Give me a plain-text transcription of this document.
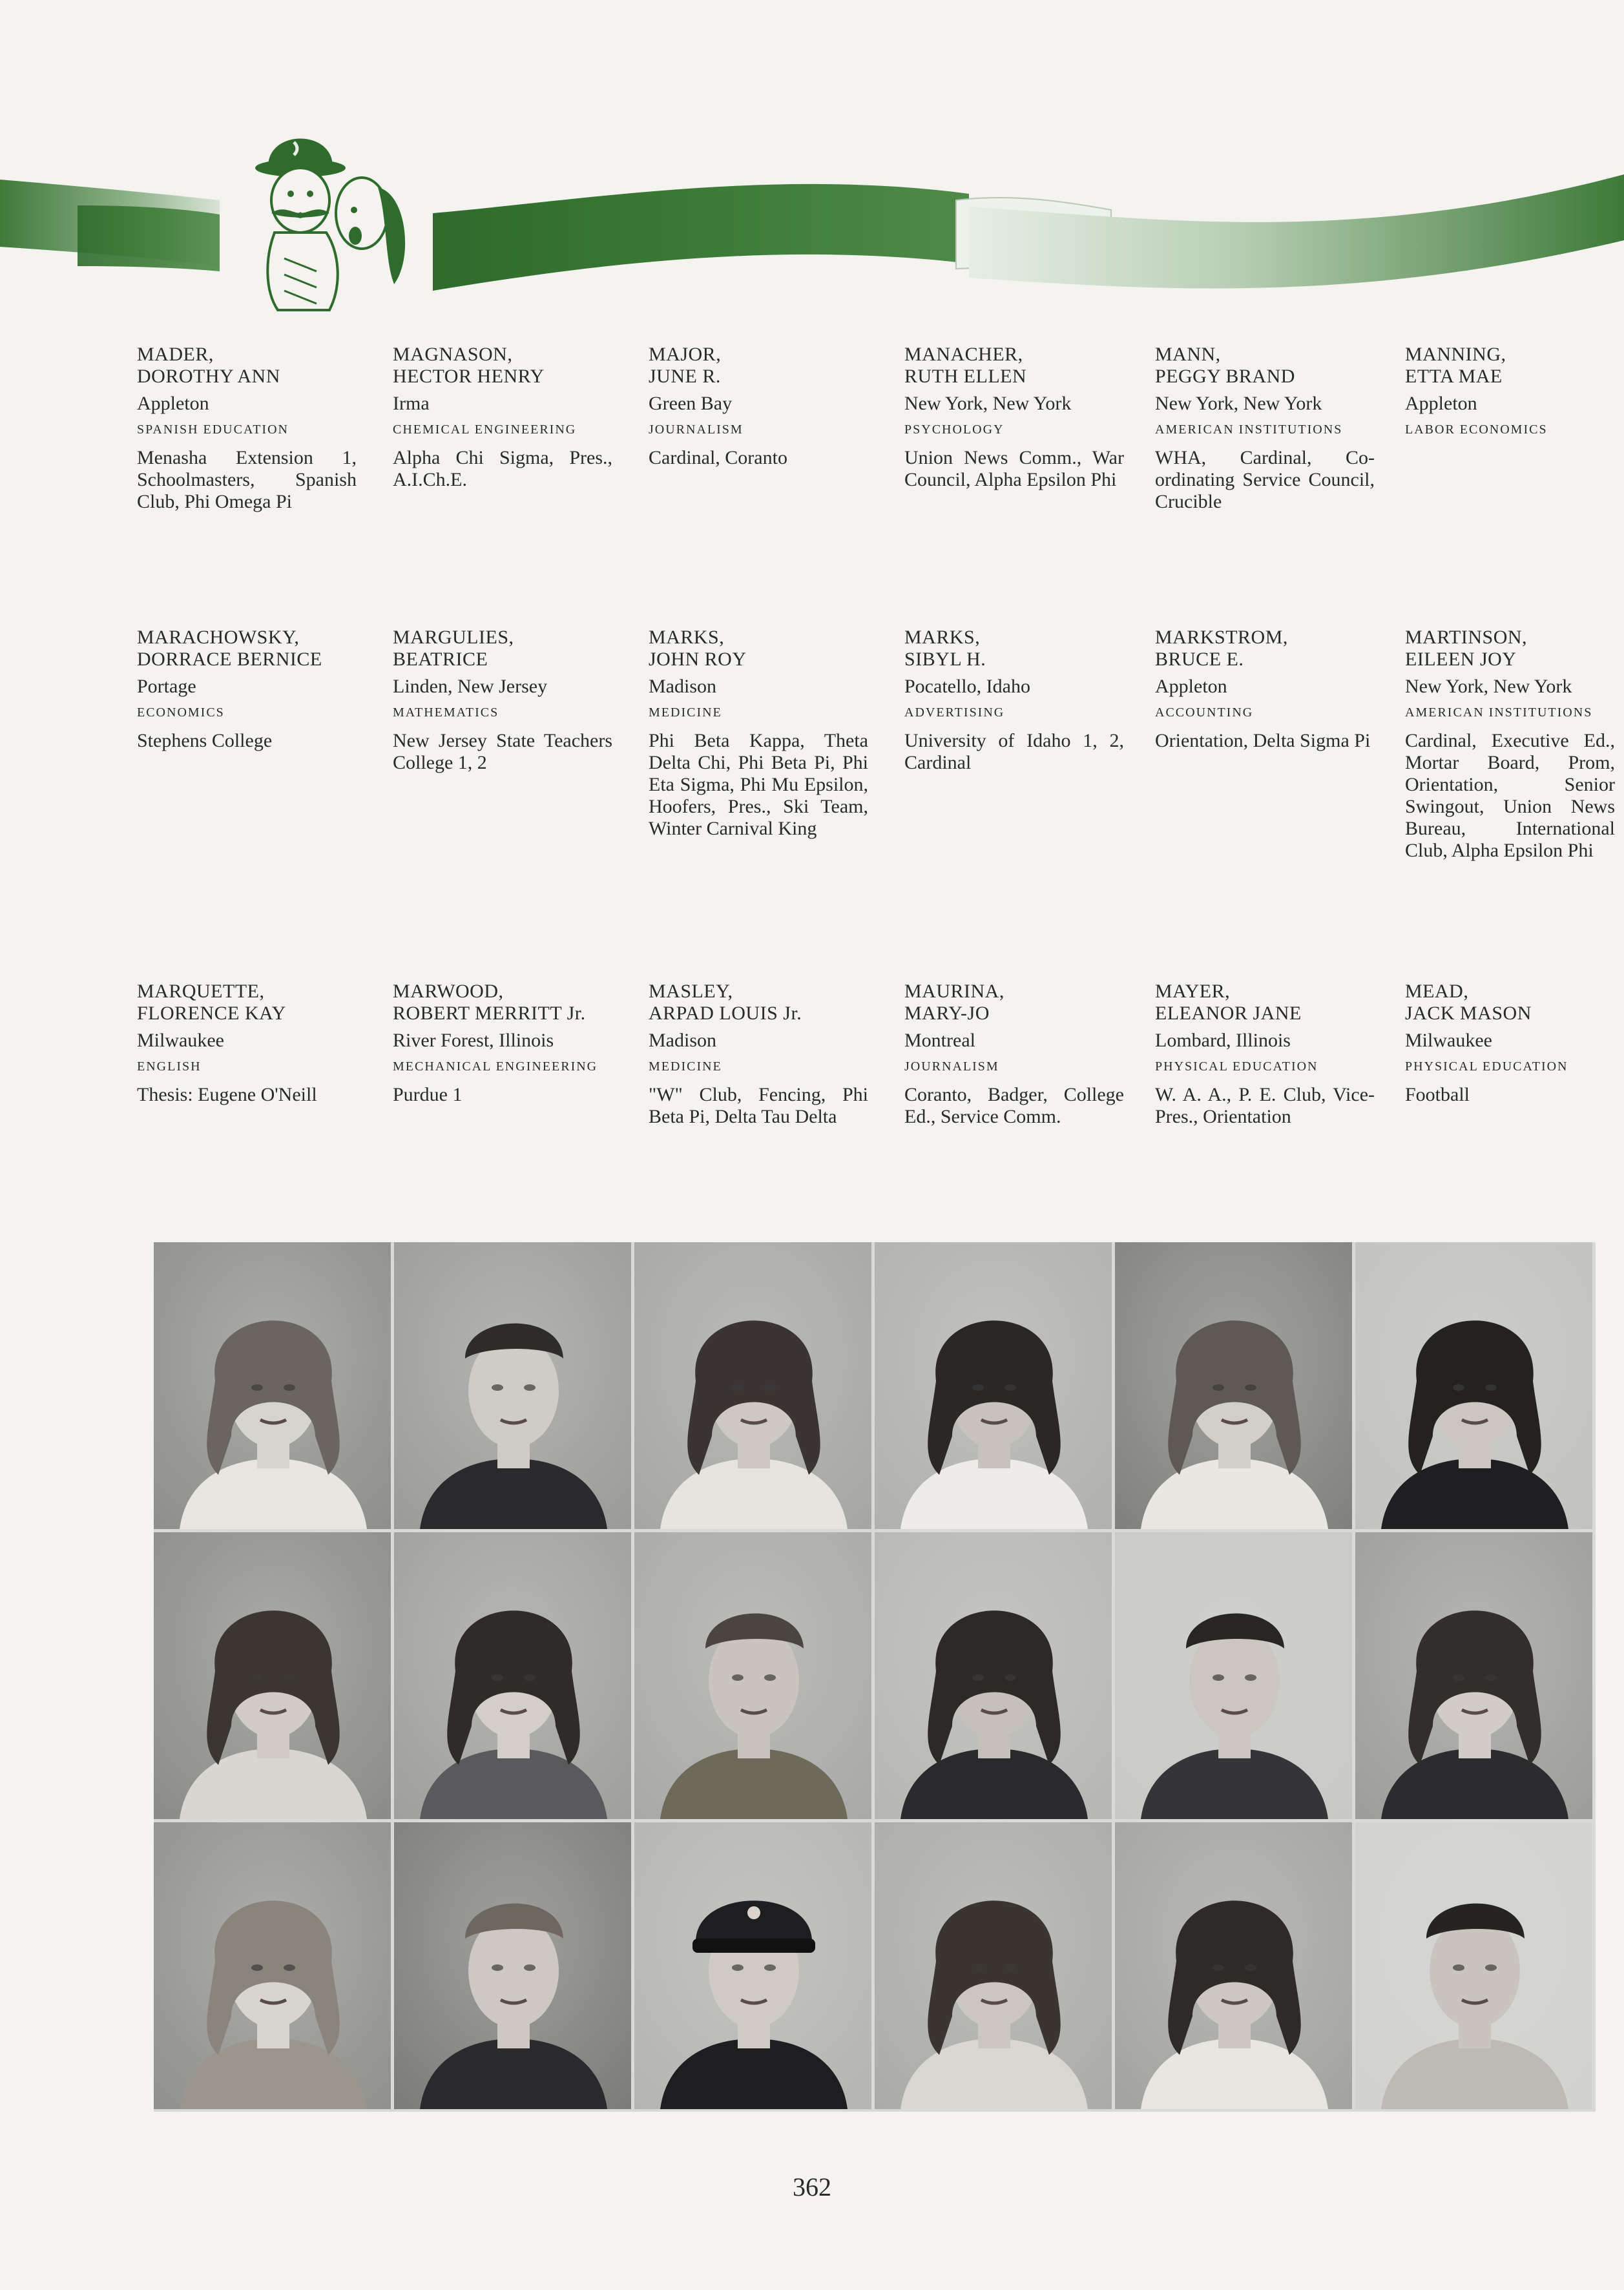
MADER,
DOROTHY ANN
Appleton
SPANISH EDUCATION
Menasha Extension 1, Schoolmasters, Spanish Club, Phi Omega Pi
MAGNASON,
HECTOR HENRY
Irma
CHEMICAL ENGINEERING
Alpha Chi Sigma, Pres., A.I.Ch.E.
MAJOR,
JUNE R.
Green Bay
JOURNALISM
Cardinal, Coranto
MANACHER,
RUTH ELLEN
New York, New York
PSYCHOLOGY
Union News Comm., War Council, Alpha Epsilon Phi
MANN,
PEGGY BRAND
New York, New York
AMERICAN INSTITUTIONS
WHA, Cardinal, Co-ordinating Service Council, Crucible
MANNING,
ETTA MAE
Appleton
LABOR ECONOMICS
MARACHOWSKY,
DORRACE BERNICE
Portage
ECONOMICS
Stephens College
MARGULIES,
BEATRICE
Linden, New Jersey
MATHEMATICS
New Jersey State Teachers College 1, 2
MARKS,
JOHN ROY
Madison
MEDICINE
Phi Beta Kappa, Theta Delta Chi, Phi Beta Pi, Phi Eta Sigma, Phi Mu Epsilon, Hoofers, Pres., Ski Team, Winter Carnival King
MARKS,
SIBYL H.
Pocatello, Idaho
ADVERTISING
University of Idaho 1, 2, Cardinal
MARKSTROM,
BRUCE E.
Appleton
ACCOUNTING
Orientation, Delta Sigma Pi
MARTINSON,
EILEEN JOY
New York, New York
AMERICAN INSTITUTIONS
Cardinal, Executive Ed., Mortar Board, Prom, Orientation, Senior Swingout, Union News Bureau, International Club, Alpha Epsilon Phi
MARQUETTE,
FLORENCE KAY
Milwaukee
ENGLISH
Thesis: Eugene O'Neill
MARWOOD,
ROBERT MERRITT Jr.
River Forest, Illinois
MECHANICAL ENGINEERING
Purdue 1
MASLEY,
ARPAD LOUIS Jr.
Madison
MEDICINE
"W" Club, Fencing, Phi Beta Pi, Delta Tau Delta
MAURINA,
MARY-JO
Montreal
JOURNALISM
Coranto, Badger, College Ed., Service Comm.
MAYER,
ELEANOR JANE
Lombard, Illinois
PHYSICAL EDUCATION
W. A. A., P. E. Club, Vice-Pres., Orientation
MEAD,
JACK MASON
Milwaukee
PHYSICAL EDUCATION
Football
362
